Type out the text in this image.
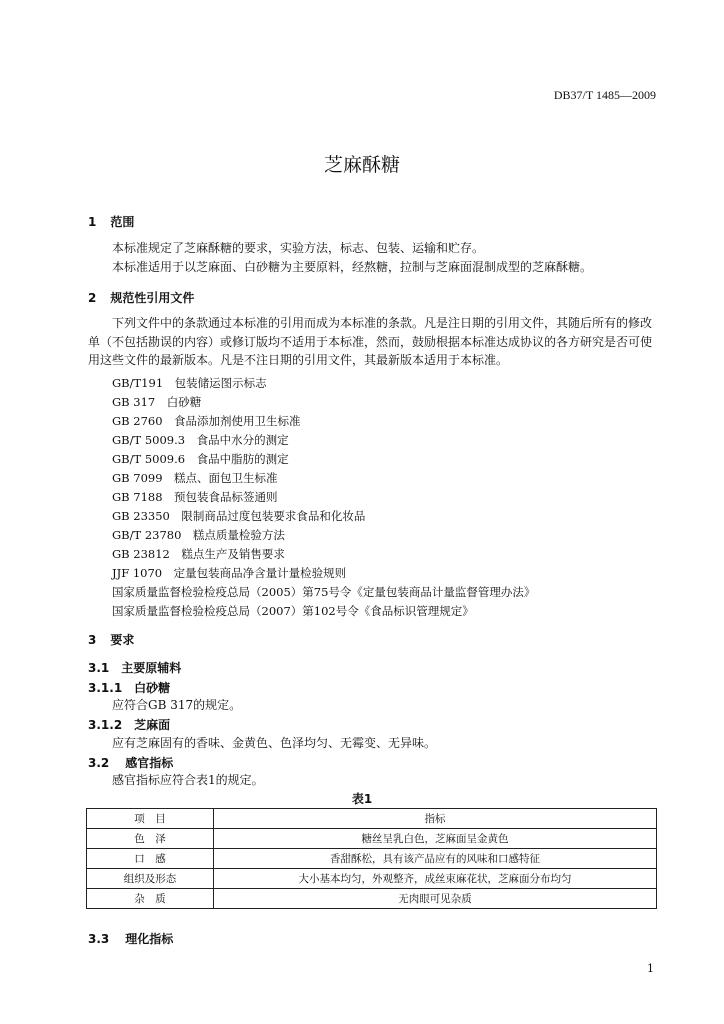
DB37/T 1485—2009
芝麻酥糖
1 范围
本标准规定了芝麻酥糖的要求，实验方法，标志、包装、运输和贮存。
本标准适用于以芝麻面、白砂糖为主要原料，经熬糖，拉制与芝麻面混制成型的芝麻酥糖。
2 规范性引用文件
下列文件中的条款通过本标准的引用而成为本标准的条款。凡是注日期的引用文件，其随后所有的修改单（不包括勘误的内容）或修订版均不适用于本标准，然而，鼓励根据本标准达成协议的各方研究是否可使用这些文件的最新版本。凡是不注日期的引用文件，其最新版本适用于本标准。
GB/T191　包装储运图示标志
GB 317　白砂糖
GB 2760　食品添加剂使用卫生标准
GB/T 5009.3　食品中水分的测定
GB/T 5009.6　食品中脂肪的测定
GB 7099　糕点、面包卫生标准
GB 7188　预包装食品标签通则
GB 23350　限制商品过度包装要求食品和化妆品
GB/T 23780　糕点质量检验方法
GB 23812　糕点生产及销售要求
JJF 1070　定量包装商品净含量计量检验规则
国家质量监督检验检疫总局（2005）第75号令《定量包装商品计量监督管理办法》
国家质量监督检验检疫总局（2007）第102号令《食品标识管理规定》
3 要求
3.1 主要原辅料
3.1.1 白砂糖
应符合GB 317的规定。
3.1.2 芝麻面
应有芝麻固有的香味、金黄色、色泽均匀、无霉变、无异味。
3.2 感官指标
感官指标应符合表1的规定。
表1
项　目	指标
色　泽	糖丝呈乳白色，芝麻面呈金黄色
口　感	香甜酥松，具有该产品应有的风味和口感特征
组织及形态	大小基本均匀，外观整齐，成丝束麻花状，芝麻面分布均匀
杂　质	无肉眼可见杂质
3.3 理化指标
1
